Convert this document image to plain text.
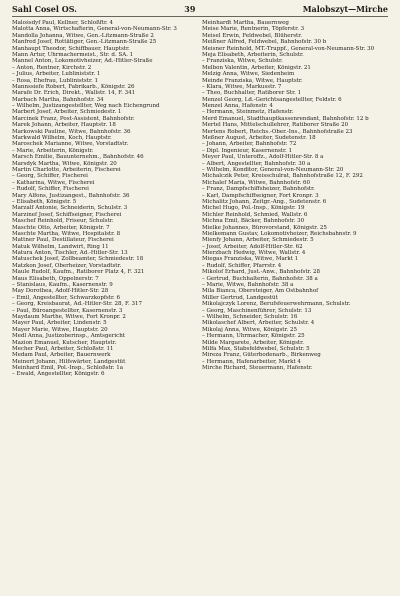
Sahl Cosel OS.	39	Malobszyt—Mirche
Malošsdyf Paul, Kellner, Schloßftr. 4
Malotta Anna, Wirtschafterin, General-von-Neumann-Str. 3
Mandolla Johanna, Witwe, Gen.-Litzmann-Straße 2
Manfred Josef, Rottätiger, Gen.-Litzmann-Straße 25
Manhaupt Theodor, Schiffbauer, Hauptstr.
Mann Artur, Uhrmachermeist., Str. d. SA. 1
Mannel Anton, Lokomotivheizer, Ad.-Hitler-Straße
– Anton, Rentner, Kirchstr. 2
– Julius, Arbeiter, Lubliniststr. 1
– Rosa, Ehefrau, Lubliniststr. 1
Mannssiefe Robert, Fabrikarb., Königstr. 26
Marafe Dr. Erich, Direkt., Wallstr. 14, F. 341
Marbach Martha, Bahnhofstr. 34
– Wilhelm, Justizangestellter, Weg nach Eichengrund
Marbert Josef, Arbeiter, Schmiedestr. 1
Marcinek Franz, Post-Assistent, Bahnhofstr.
Marek Johann, Arbeiter, Hauptstr. 18
Markowski Pauline, Witwe, Bahnhofstr. 36
Markwald Wilhelm, Koch, Hauptstr.
Maroschek Marianne, Witwe, Vorstadtstr.
– Marie, Arbeiterin, Königstr.
Marsch Emilie, Bauunternehm., Bahnhofstr. 46
Marsdyk Martha, Witwe, Königstr. 20
Martin Charlotte, Arbeiterin, Fischerei
– Georg, Schiffer, Fischerei
– Katharina, Witwe, Fischerei
– Rudolf, Schiffer, Fischerei
Mary Alfons, Justizangest., Bahnhofstr. 36
– Elisabeth, Königstr. 5
Marzalf Antonie, Schneiderin, Schulstr. 3
Marzinef Josef, Schiffseigner, Fischerei
Maschef Reinhold, Friseur, Schulstr.
Maschte Otto, Arbeiter, Königstr. 7
Maschte Martha, Witwe, Hospitalstr. 8
Mattner Paul, Destillateur, Fischerei
Matuk Wilhelm, Landwirt, Ring 11
Matura Anton, Tischler, Ad.-Hitler-Str. 13
Matuschek Josef, Zollbeamter, Schmiedestr. 18
Matzkon Josef, Oberheizer, Vorstadtstr.
Maule Rudolf, Kaufm., Ratiborer Platz 4, F. 321
Maus Elisabeth, Oppelnerstr. 7
– Stanislaus, Kaufm., Kasernenstr. 9
May Dorothea, Adolf-Hitler-Str. 28
– Emil, Angestellter, Schwarzkopfstr. 6
– Georg, Kreisbaurat, Ad.-Hitler-Str. 28, F. 317
– Paul, Büroangestellter, Kasernenstr. 3
Maydaum Marthe, Witwe, Fort Kronpr. 2
Mayer Paul, Arbeiter, Lindenstr. 5
Mayer Marie, Witwe, Hauptstr. 20
Medl Anna, Justizoberinsp., Amtsgericht
Mazion Emanuel, Kutscher, Hauptstr.
Mecher Paul, Arbeiter, Schloßstr. 11
Medam Paul, Arbeiter, Bauernwerk
Meinert Johann, Hilfswärter, Landgestüt
Meinhard Emil, Pol.-Insp., Schloßstr. 1a
– Ewald, Angestellter, Königstr. 6
Meinhardt Martha, Bauernweg
Meise Marie, Rentnerin, Töpferstr. 3
Meisel Erwin, Feldwebel, Blüherstr.
Meißner Alfred, Feldwebel, Bahnhofstr. 30 b
Meisner Reinhold, MT.-Truppf., General-von-Neumann-Str. 30
Meja Elisabeth, Arbeiterin, Schulstr.
– Franziska, Witwe, Schulstr.
Melbon Valentin, Arbeiter, Königstr. 21
Melzig Anna, Witwe, Siedenheim
Meinde Franziska, Witwe, Hauptstr.
– Klara, Witwe, Markusstr. 7
– Theo, Buchhalter, Ratiborer Str. 1
Menzel Georg, Ld.-Gerichtsangestellter, Feldstr. 6
Menzel Anna, Hafenstr. 4
– Hermann, Steinmetz, Hafenstr.
Merd Emanuel, Stadthauptkassenrendant, Bahnhofstr. 12 b
Mertel Hans, Mittelschullehrer, Ratiborer Straße 20
Mertens Robert, Reichs.-Ober.-Ins., Bahnhofstraße 23
Meßner August, Arbeiter, Sudetenstr. 18
– Johann, Arbeiter, Bahnhofstr. 72
– Dipl. Ingenieur, Kasernenstr. 1
Meyer Paul, Unteroffz., Adolf-Hitler-Str. 8 a
– Albert, Angestellter, Bahnhofstr. 30 a
– Wilhelm, Konditor, General-von-Neumann-Str. 20
Michalczik Peter, Kreisschulrat, Bahnhofstraße 12, F. 292
Michalef Maria, Witwe, Bahnhofstr. 60
– Franz, Dampfschiffsheizer, Bahnhofstr.
– Karl, Dampfschiffseigner, Fort Kronpr. 3
Michalitz Johann, Zeitgr.-Ang., Sudetenstr. 6
Michel Hugo, Pol.-Insp., Königstr. 19
Michler Reinhold, Schmied, Wallstr. 6
Michna Emil, Bäcker, Bahnhofstr. 30
Mielke Johannes, Bürovorstand, Königstr. 25
Mielkemann Gustav, Lokomotivheizer, Reichsbahnstr. 9
Mienfy Johann, Arbeiter, Schmiedestr. 5
– Josef, Arbeiter, Adolf-Hitler-Str. 62
Mierzbach Hedwig, Witwe, Wallstr. 4
Miegas Franziska, Witwe, Markt 1
– Rudolf, Schiffer, Pfarrstr. 4
Mikolof Erhard, Just.-Anw., Bahnhofstr. 28
– Gertrud, Buchhalterin, Bahnhofstr. 38 a
– Marie, Witwe, Bahnhofstr. 38 a
Mila Bianca, Obersteiger, Am Ostbahnhof
Miller Gertrud, Landgestüt
Mikolajczyk Lorenz, Berufsfeuerwehrmann, Schulstr.
– Georg, Maschinenführer, Schulstr. 13
– Wilhelm, Schneider, Schulstr. 16
Mikolaschef Albert, Arbeiter, Schulstr. 4
Mikolaj Anna, Witwe, Königstr. 25
– Hermann, Uhrmacher, Königstr. 25
Milde Margarete, Arbeiter, Königstr.
Milfa Max, Stabsfeldwebel, Schulstr. 5
Mireza Franz, Güterbodenarb., Birkenweg
– Hermann, Hafenarbeiter, Markt 4
Mirche Richard, Steuermann, Hafenstr.
